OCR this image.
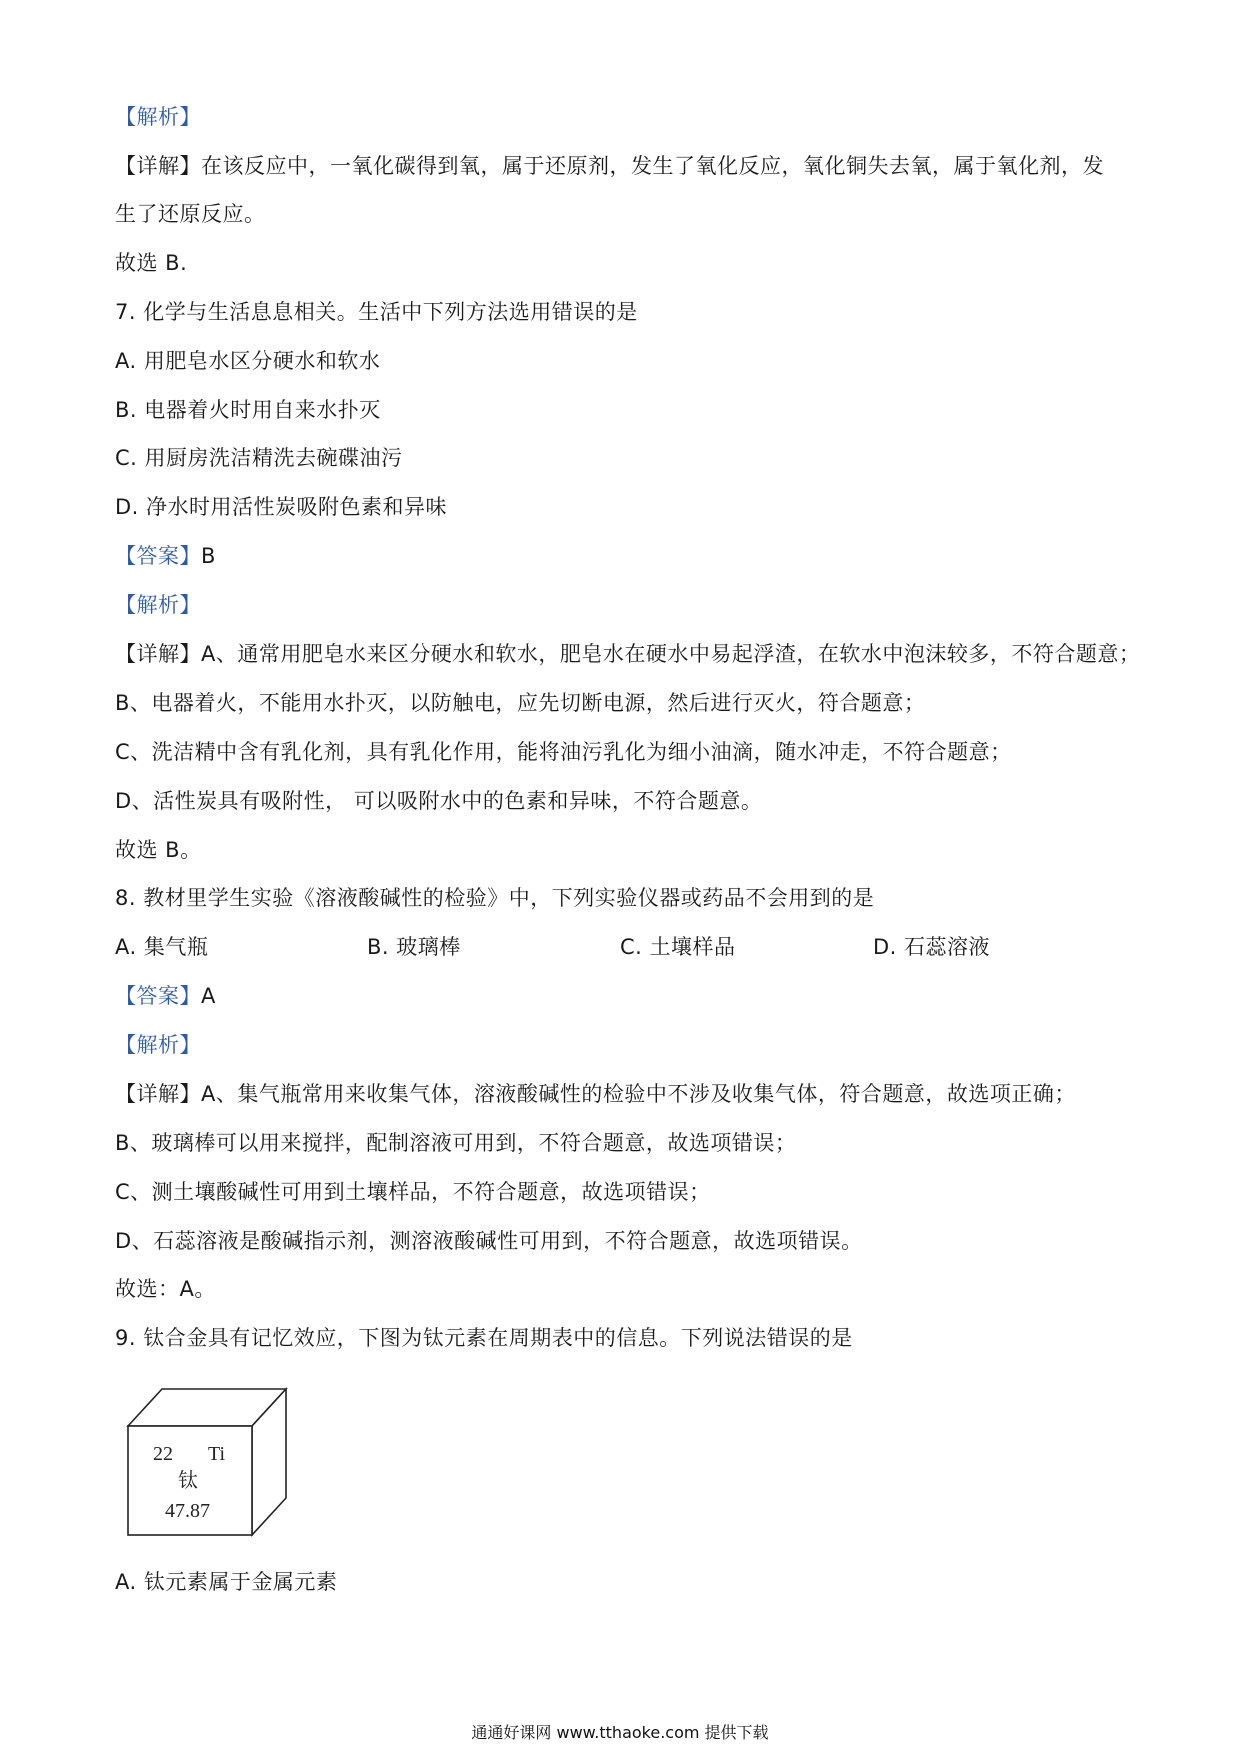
【解析】
【详解】在该反应中，一氧化碳得到氧，属于还原剂，发生了氧化反应，氧化铜失去氧，属于氧化剂，发
生了还原反应。
故选 B.
7. 化学与生活息息相关。生活中下列方法选用错误的是
A. 用肥皂水区分硬水和软水
B. 电器着火时用自来水扑灭
C. 用厨房洗洁精洗去碗碟油污
D. 净水时用活性炭吸附色素和异味
【答案】B
【解析】
【详解】A、通常用肥皂水来区分硬水和软水，肥皂水在硬水中易起浮渣，在软水中泡沫较多，不符合题意；
B、电器着火，不能用水扑灭，以防触电，应先切断电源，然后进行灭火，符合题意；
C、洗洁精中含有乳化剂，具有乳化作用，能将油污乳化为细小油滴，随水冲走，不符合题意；
D、活性炭具有吸附性， 可以吸附水中的色素和异味，不符合题意。
故选 B。
8. 教材里学生实验《溶液酸碱性的检验》中，下列实验仪器或药品不会用到的是
A. 集气瓶	B. 玻璃棒	C. 土壤样品	D. 石蕊溶液
【答案】A
【解析】
【详解】A、集气瓶常用来收集气体，溶液酸碱性的检验中不涉及收集气体，符合题意，故选项正确；
B、玻璃棒可以用来搅拌，配制溶液可用到，不符合题意，故选项错误；
C、测土壤酸碱性可用到土壤样品，不符合题意，故选项错误；
D、石蕊溶液是酸碱指示剂，测溶液酸碱性可用到，不符合题意，故选项错误。
故选：A。
9. 钛合金具有记忆效应，下图为钛元素在周期表中的信息。下列说法错误的是
22 Ti
钛
47.87
A. 钛元素属于金属元素
通通好课网 www.tthaoke.com 提供下载
